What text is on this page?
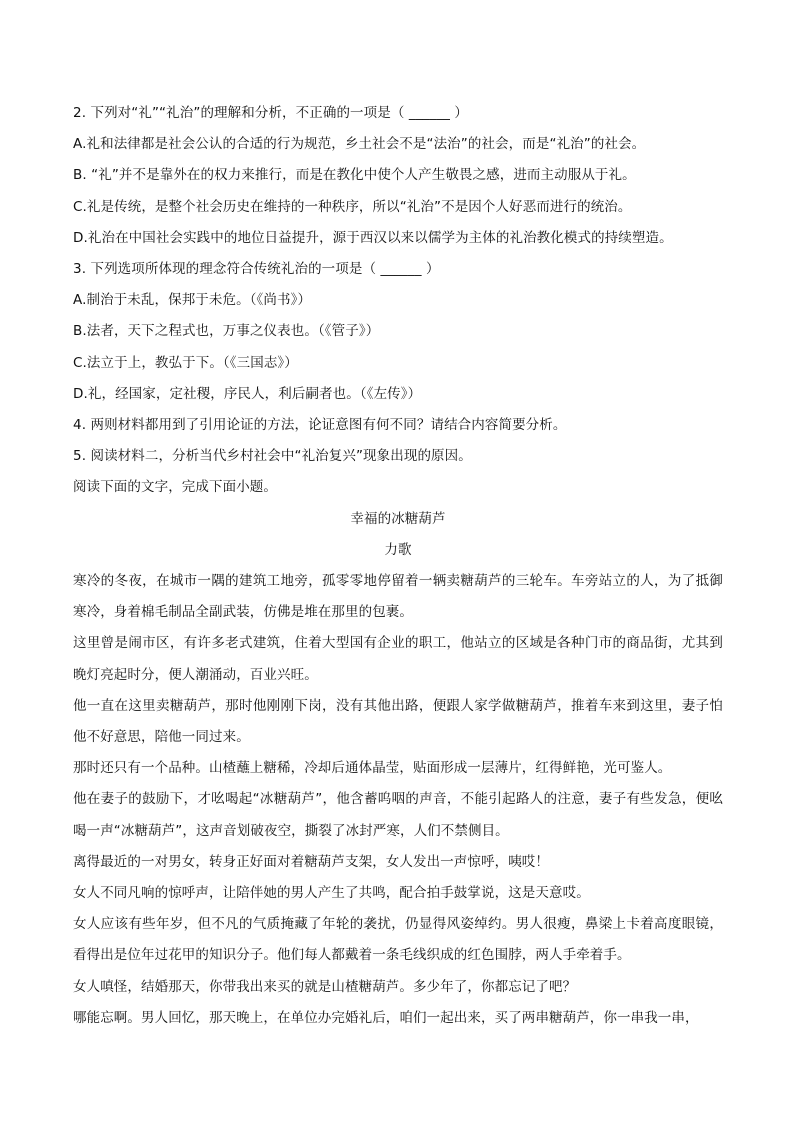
2. 下列对“礼”“礼治”的理解和分析，不正确的一项是（ ______ ）
A.礼和法律都是社会公认的合适的行为规范，乡土社会不是“法治”的社会，而是“礼治”的社会。
B. “礼”并不是靠外在的权力来推行，而是在教化中使个人产生敬畏之感，进而主动服从于礼。
C.礼是传统，是整个社会历史在维持的一种秩序，所以“礼治”不是因个人好恶而进行的统治。
D.礼治在中国社会实践中的地位日益提升，源于西汉以来以儒学为主体的礼治教化模式的持续塑造。
3. 下列选项所体现的理念符合传统礼治的一项是（ ______ ）
A.制治于未乱，保邦于未危。（《尚书》）
B.法者，天下之程式也，万事之仪表也。（《管子》）
C.法立于上，教弘于下。（《三国志》）
D.礼，经国家，定社稷，序民人，利后嗣者也。（《左传》）
4. 两则材料都用到了引用论证的方法，论证意图有何不同？请结合内容简要分析。
5. 阅读材料二，分析当代乡村社会中“礼治复兴”现象出现的原因。
阅读下面的文字，完成下面小题。
幸福的冰糖葫芦
力歌
寒冷的冬夜，在城市一隅的建筑工地旁，孤零零地停留着一辆卖糖葫芦的三轮车。车旁站立的人，为了抵御寒冷，身着棉毛制品全副武装，仿佛是堆在那里的包裹。
这里曾是闹市区，有许多老式建筑，住着大型国有企业的职工，他站立的区域是各种门市的商品街，尤其到晚灯亮起时分，便人潮涌动，百业兴旺。
他一直在这里卖糖葫芦，那时他刚刚下岗，没有其他出路，便跟人家学做糖葫芦，推着车来到这里，妻子怕他不好意思，陪他一同过来。
那时还只有一个品种。山楂蘸上糖稀，冷却后通体晶莹，贴面形成一层薄片，红得鲜艳，光可鉴人。
他在妻子的鼓励下，才吆喝起“冰糖葫芦”，他含蓄呜咽的声音，不能引起路人的注意，妻子有些发急，便吆喝一声“冰糖葫芦”，这声音划破夜空，撕裂了冰封严寒，人们不禁侧目。
离得最近的一对男女，转身正好面对着糖葫芦支架，女人发出一声惊呼，咦哎！
女人不同凡响的惊呼声，让陪伴她的男人产生了共鸣，配合拍手鼓掌说，这是天意哎。
女人应该有些年岁，但不凡的气质掩藏了年轮的袭扰，仍显得风姿绰约。男人很瘦，鼻梁上卡着高度眼镜，看得出是位年过花甲的知识分子。他们每人都戴着一条毛线织成的红色围脖，两人手牵着手。
女人嗔怪，结婚那天，你带我出来买的就是山楂糖葫芦。多少年了，你都忘记了吧？
哪能忘啊。男人回忆，那天晚上，在单位办完婚礼后，咱们一起出来，买了两串糖葫芦，你一串我一串，
